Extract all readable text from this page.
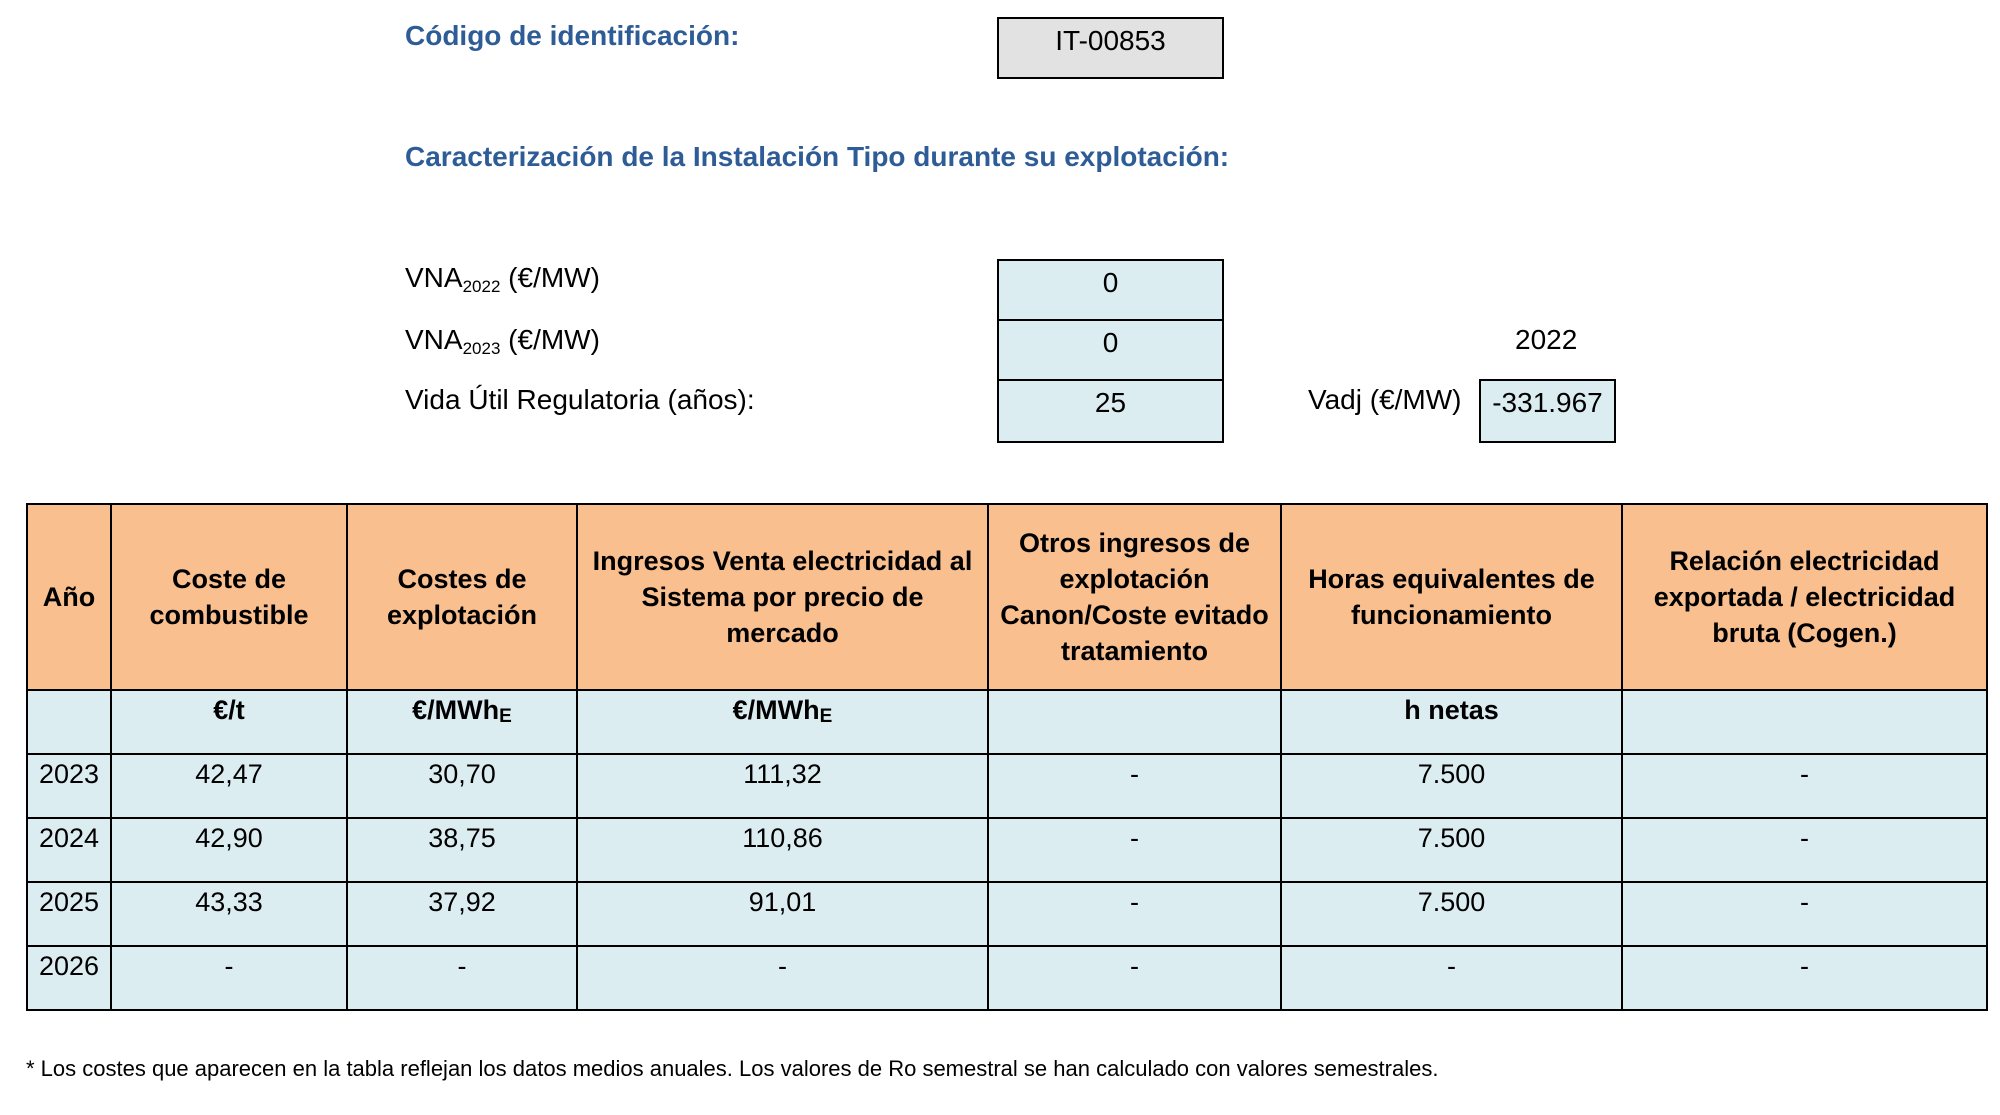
Código de identificación:	IT-00853
Caracterización de la Instalación Tipo durante su explotación:
$VNA_{2022}$ (€/MW)	0
$VNA_{2023}$ (€/MW)	0	2022
Vida Útil Regulatoria (años):	25	Vadj (€/MW)	-331.967
Año	Coste de combustible	Costes de explotación	Ingresos Venta electricidad al Sistema por precio de mercado	Otros ingresos de explotación Canon/Coste evitado tratamiento	Horas equivalentes de funcionamiento	Relación electricidad exportada / electricidad bruta (Cogen.)
	€/t	€/MWh$_E$	€/MWh$_E$		h netas	
2023	42,47	30,70	111,32	-	7.500	-
2024	42,90	38,75	110,86	-	7.500	-
2025	43,33	37,92	91,01	-	7.500	-
2026	-	-	-	-	-	-
* Los costes que aparecen en la tabla reflejan los datos medios anuales. Los valores de Ro semestral se han calculado con valores semestrales.
